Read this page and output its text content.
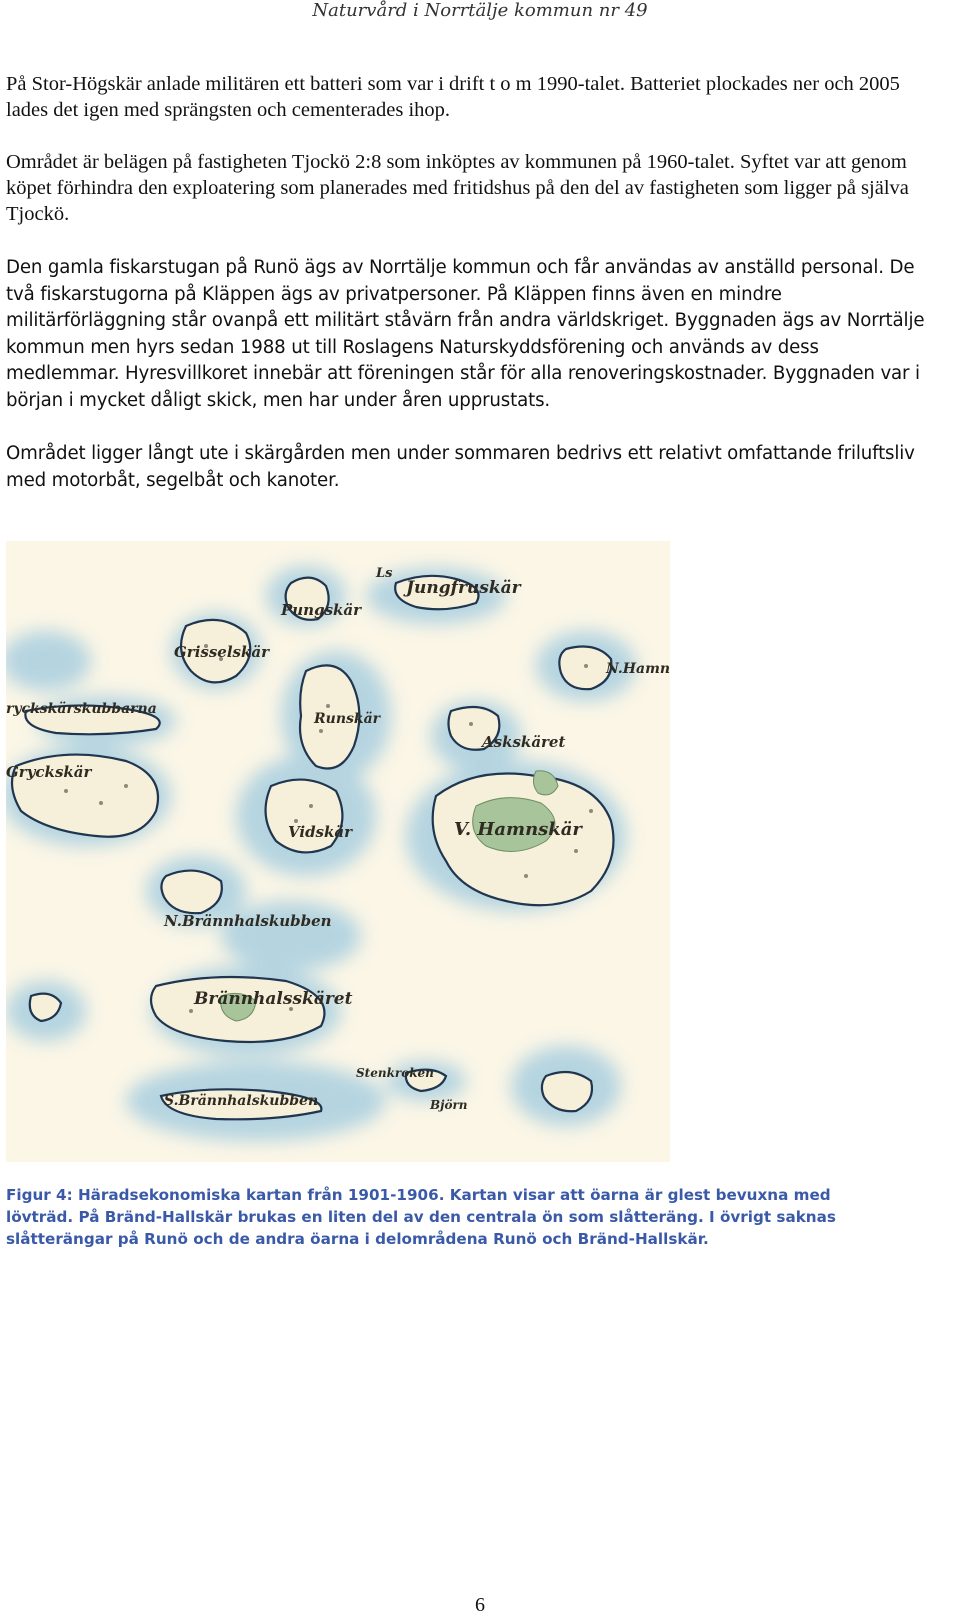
Naturvård i Norrtälje kommun nr 49

På Stor-Högskär anlade militären ett batteri som var i drift t o m 1990-talet. Batteriet plockades ner och 2005 lades det igen med sprängsten och cementerades ihop.

Området är belägen på fastigheten Tjockö 2:8 som inköptes av kommunen på 1960-talet. Syftet var att genom köpet förhindra den exploatering som planerades med fritidshus på den del av fastigheten som ligger på själva Tjockö.

Den gamla fiskarstugan på Runö ägs av Norrtälje kommun och får användas av anställd personal. De två fiskarstugorna på Kläppen ägs av privatpersoner. På Kläppen finns även en mindre militärförläggning står ovanpå ett militärt ståvärn från andra världskriget. Byggnaden ägs av Norrtälje kommun men hyrs sedan 1988 ut till Roslagens Naturskyddsförening och används av dess medlemmar. Hyresvillkoret innebär att föreningen står för alla renoveringskostnader. Byggnaden var i början i mycket dåligt skick, men har under åren upprustats.

Området ligger långt ute i skärgården men under sommaren bedrivs ett relativt omfattande friluftsliv med motorbåt, segelbåt och kanoter.

Ls
Jungfruskär
Pungskär
Grisselskär
N.Hamn
ryckskärskubbarna
Runskär
Askskäret
Gryckskär
Vidskär	V. Hamnskär
N.Brännhalskubben
Brännhalsskäret
Stenkroken
S.Brännhalskubben	Björn

Figur 4: Häradsekonomiska kartan från 1901-1906. Kartan visar att öarna är glest bevuxna med lövträd. På Bränd-Hallskär brukas en liten del av den centrala ön som slåtteräng. I övrigt saknas slåtterängar på Runö och de andra öarna i delområdena Runö och Bränd-Hallskär.

6
